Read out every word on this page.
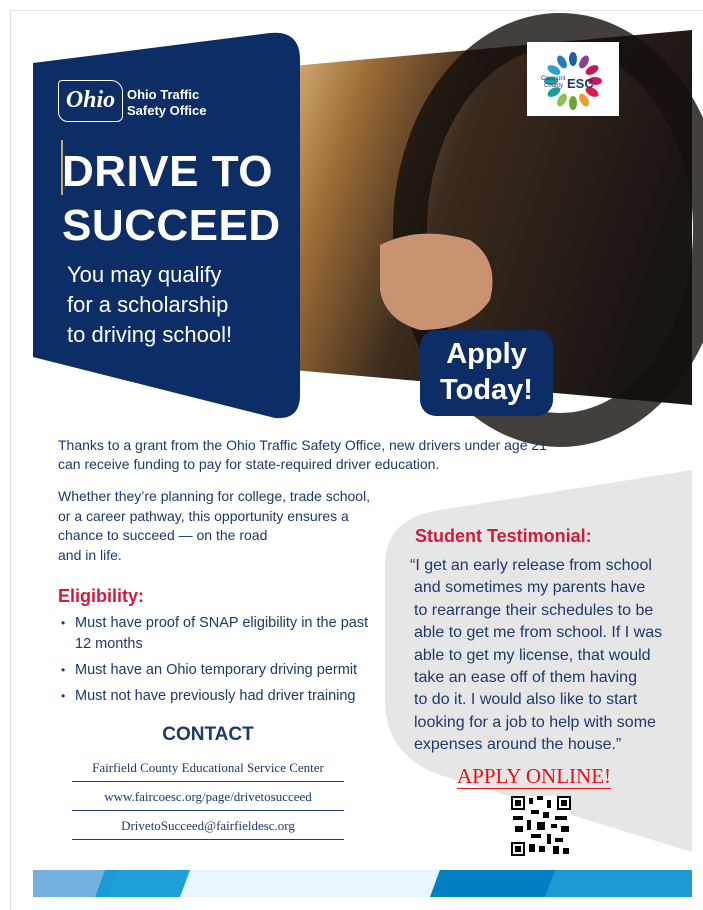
Clermont
County ESC
Ohio Ohio Traffic
Safety Office
DRIVE TO
SUCCEED
You may qualify
for a scholarship
to driving school!
Apply
Today!
Thanks to a grant from the Ohio Traffic Safety Office, new drivers under age 21
can receive funding to pay for state-required driver education.
Whether they’re planning for college, trade school,
or a career pathway, this opportunity ensures a
chance to succeed — on the road
and in life.
Eligibility:
• Must have proof of SNAP eligibility in the past 12 months
• Must have an Ohio temporary driving permit
• Must not have previously had driver training
CONTACT
Fairfield County Educational Service Center
www.faircoesc.org/page/drivetosucceed
DrivetoSucceed@fairfieldesc.org
Student Testimonial:
“I get an early release from school
and sometimes my parents have
to rearrange their schedules to be
able to get me from school. If I was
able to get my license, that would
take an ease off of them having
to do it. I would also like to start
looking for a job to help with some
expenses around the house.”
APPLY ONLINE!
